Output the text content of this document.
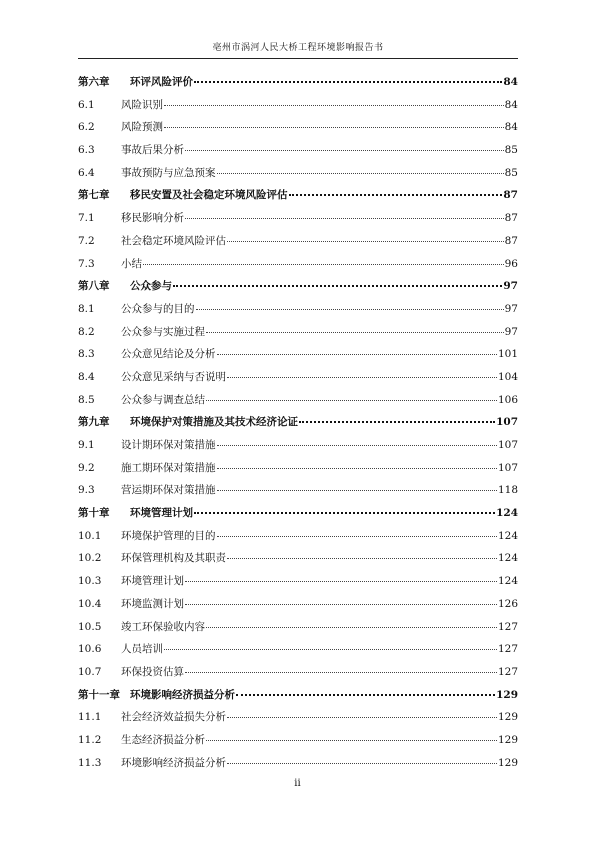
亳州市涡河人民大桥工程环境影响报告书
第六章	环评风险评价	84
6.1	风险识别	84
6.2	风险预测	84
6.3	事故后果分析	85
6.4	事故预防与应急预案	85
第七章	移民安置及社会稳定环境风险评估	87
7.1	移民影响分析	87
7.2	社会稳定环境风险评估	87
7.3	小结	96
第八章	公众参与	97
8.1	公众参与的目的	97
8.2	公众参与实施过程	97
8.3	公众意见结论及分析	101
8.4	公众意见采纳与否说明	104
8.5	公众参与调查总结	106
第九章	环境保护对策措施及其技术经济论证	107
9.1	设计期环保对策措施	107
9.2	施工期环保对策措施	107
9.3	营运期环保对策措施	118
第十章	环境管理计划	124
10.1	环境保护管理的目的	124
10.2	环保管理机构及其职责	124
10.3	环境管理计划	124
10.4	环境监测计划	126
10.5	竣工环保验收内容	127
10.6	人员培训	127
10.7	环保投资估算	127
第十一章 环境影响经济损益分析	129
11.1	社会经济效益损失分析	129
11.2	生态经济损益分析	129
11.3	环境影响经济损益分析	129
ii
